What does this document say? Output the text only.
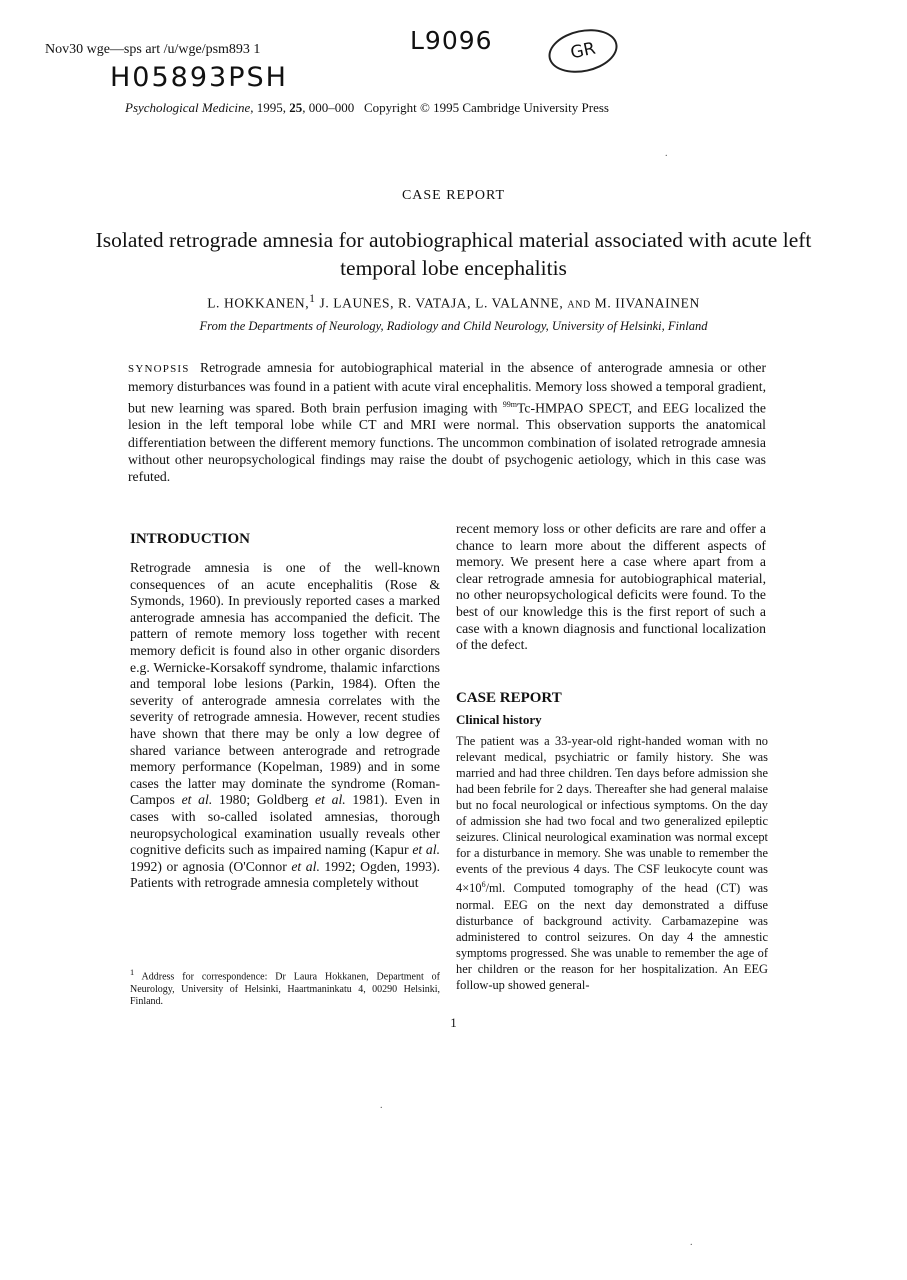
Nov30 wge—sps art /u/wge/psm893 1	L9096	GR
H05893PSH
Psychological Medicine, 1995, 25, 000–000 Copyright © 1995 Cambridge University Press
.
CASE REPORT
Isolated retrograde amnesia for autobiographical material associated with acute left temporal lobe encephalitis
L. HOKKANEN,$^1$ J. LAUNES, R. VATAJA, L. VALANNE, AND M. IIVANAINEN
From the Departments of Neurology, Radiology and Child Neurology, University of Helsinki, Finland
SYNOPSIS Retrograde amnesia for autobiographical material in the absence of anterograde amnesia or other memory disturbances was found in a patient with acute viral encephalitis. Memory loss showed a temporal gradient, but new learning was spared. Both brain perfusion imaging with $^{99m}$Tc-HMPAO SPECT, and EEG localized the lesion in the left temporal lobe while CT and MRI were normal. This observation supports the anatomical differentiation between the different memory functions. The uncommon combination of isolated retrograde amnesia without other neuropsychological findings may raise the doubt of psychogenic aetiology, which in this case was refuted.
INTRODUCTION
Retrograde amnesia is one of the well-known consequences of an acute encephalitis (Rose & Symonds, 1960). In previously reported cases a marked anterograde amnesia has accompanied the deficit. The pattern of remote memory loss together with recent memory deficit is found also in other organic disorders e.g. Wernicke-Korsakoff syndrome, thalamic infarctions and temporal lobe lesions (Parkin, 1984). Often the severity of anterograde amnesia correlates with the severity of retrograde amnesia. However, recent studies have shown that there may be only a low degree of shared variance between anterograde and retrograde memory performance (Kopelman, 1989) and in some cases the latter may dominate the syndrome (Roman-Campos et al. 1980; Goldberg et al. 1981). Even in cases with so-called isolated amnesias, thorough neuropsychological examination usually reveals other cognitive deficits such as impaired naming (Kapur et al. 1992) or agnosia (O'Connor et al. 1992; Ogden, 1993). Patients with retrograde amnesia completely without
recent memory loss or other deficits are rare and offer a chance to learn more about the different aspects of memory. We present here a case where apart from a clear retrograde amnesia for autobiographical material, no other neuropsychological deficits were found. To the best of our knowledge this is the first report of such a case with a known diagnosis and functional localization of the defect.
CASE REPORT
Clinical history
The patient was a 33-year-old right-handed woman with no relevant medical, psychiatric or family history. She was married and had three children. Ten days before admission she had been febrile for 2 days. Thereafter she had general malaise but no focal neurological or infectious symptoms. On the day of admission she had two focal and two generalized epileptic seizures. Clinical neurological examination was normal except for a disturbance in memory. She was unable to remember the events of the previous 4 days. The CSF leukocyte count was $4\times 10^6/ml$. Computed tomography of the head (CT) was normal. EEG on the next day demonstrated a diffuse disturbance of background activity. Carbamazepine was administered to control seizures. On day 4 the amnestic symptoms progressed. She was unable to remember the age of her children or the reason for her hospitalization. An EEG follow-up showed general-
$^1$ Address for correspondence: Dr Laura Hokkanen, Department of Neurology, University of Helsinki, Haartmaninkatu 4, 00290 Helsinki, Finland.
1
.
.
